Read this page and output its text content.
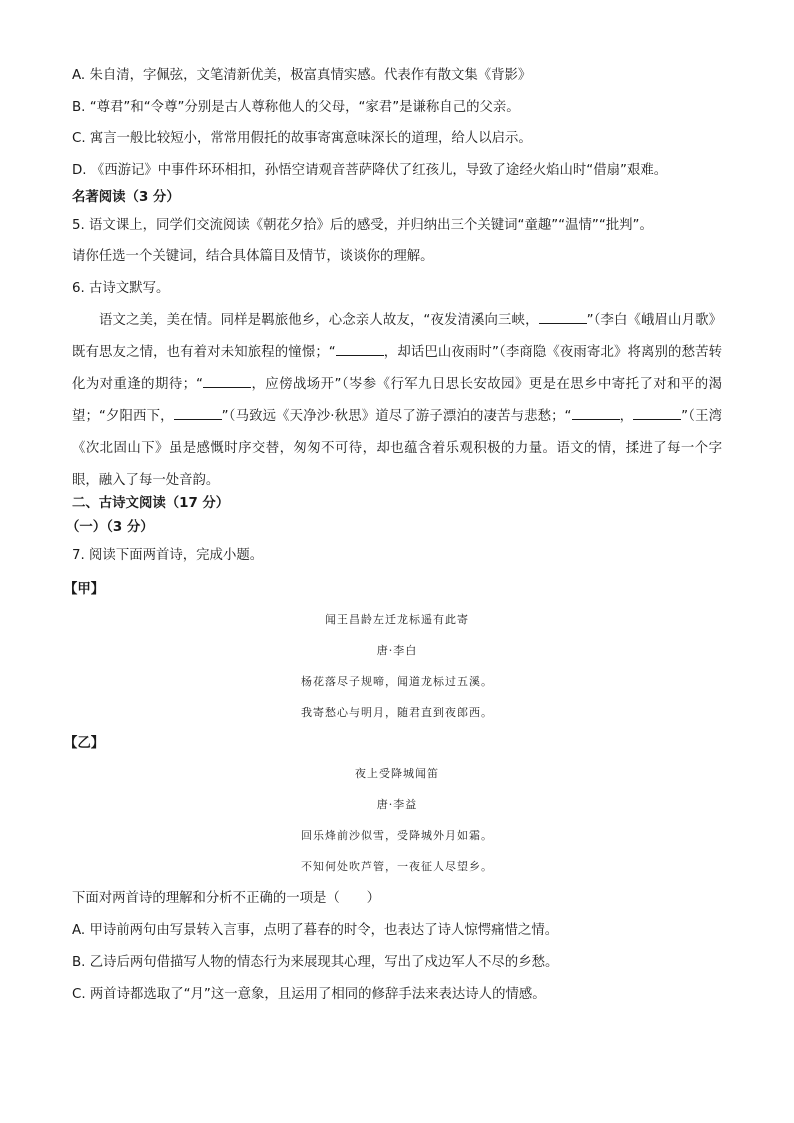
A. 朱自清，字佩弦，文笔清新优美，极富真情实感。代表作有散文集《背影》
B. “尊君”和“令尊”分别是古人尊称他人的父母，“家君”是谦称自己的父亲。
C. 寓言一般比较短小，常常用假托的故事寄寓意味深长的道理，给人以启示。
D. 《西游记》中事件环环相扣，孙悟空请观音菩萨降伏了红孩儿，导致了途经火焰山时“借扇”艰难。
名著阅读（3 分）
5. 语文课上，同学们交流阅读《朝花夕拾》后的感受，并归纳出三个关键词“童趣”“温情”“批判”。
请你任选一个关键词，结合具体篇目及情节，谈谈你的理解。
6. 古诗文默写。
语文之美，美在情。同样是羁旅他乡，心念亲人故友，“夜发清溪向三峡，	”（李白《峨眉山月歌》既有思友之情，也有着对未知旅程的憧憬；“	，却话巴山夜雨时”（李商隐《夜雨寄北》将离别的愁苦转化为对重逢的期待；“	，应傍战场开”（岑参《行军九日思长安故园》更是在思乡中寄托了对和平的渴望；“夕阳西下，	”（马致远《天净沙·秋思》道尽了游子漂泊的凄苦与悲愁；“	，	”（王湾《次北固山下》虽是感慨时序交替，匆匆不可待，却也蕴含着乐观积极的力量。语文的情，揉进了每一个字眼，融入了每一处音韵。
二、古诗文阅读（17 分）
（一）（3 分）
7. 阅读下面两首诗，完成小题。
【甲】
闻王昌龄左迁龙标遥有此寄
唐·李白
杨花落尽子规啼，闻道龙标过五溪。
我寄愁心与明月，随君直到夜郎西。
【乙】
夜上受降城闻笛
唐·李益
回乐烽前沙似雪，受降城外月如霜。
不知何处吹芦管，一夜征人尽望乡。
下面对两首诗的理解和分析不正确的一项是（　　）
A. 甲诗前两句由写景转入言事，点明了暮春的时令，也表达了诗人惊愕痛惜之情。
B. 乙诗后两句借描写人物的情态行为来展现其心理，写出了戍边军人不尽的乡愁。
C. 两首诗都选取了“月”这一意象，且运用了相同的修辞手法来表达诗人的情感。
